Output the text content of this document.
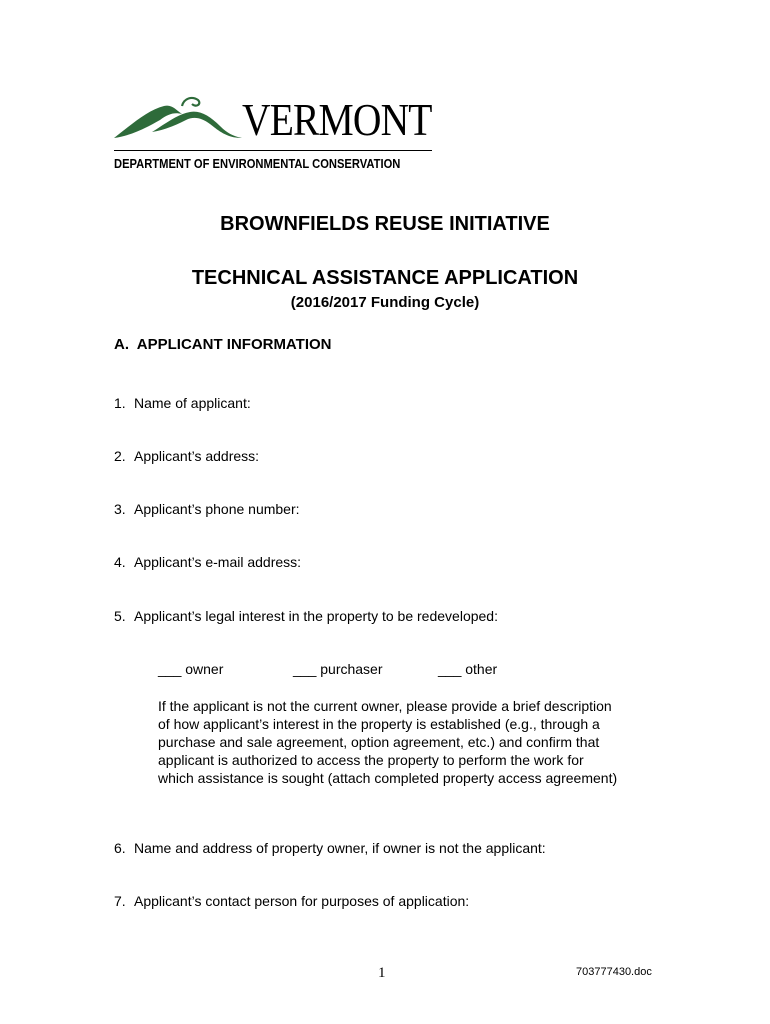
VERMONT
DEPARTMENT OF ENVIRONMENTAL CONSERVATION
BROWNFIELDS REUSE INITIATIVE
TECHNICAL ASSISTANCE APPLICATION
(2016/2017 Funding Cycle)
A.  APPLICANT INFORMATION
1. Name of applicant:
2. Applicant’s address:
3. Applicant’s phone number:
4. Applicant’s e-mail address:
5. Applicant’s legal interest in the property to be redeveloped:
___ owner	___ purchaser	___ other
If the applicant is not the current owner, please provide a brief description
of how applicant’s interest in the property is established (e.g., through a
purchase and sale agreement, option agreement, etc.) and confirm that
applicant is authorized to access the property to perform the work for
which assistance is sought (attach completed property access agreement)
6. Name and address of property owner, if owner is not the applicant:
7. Applicant’s contact person for purposes of application:
1	703777430.doc
